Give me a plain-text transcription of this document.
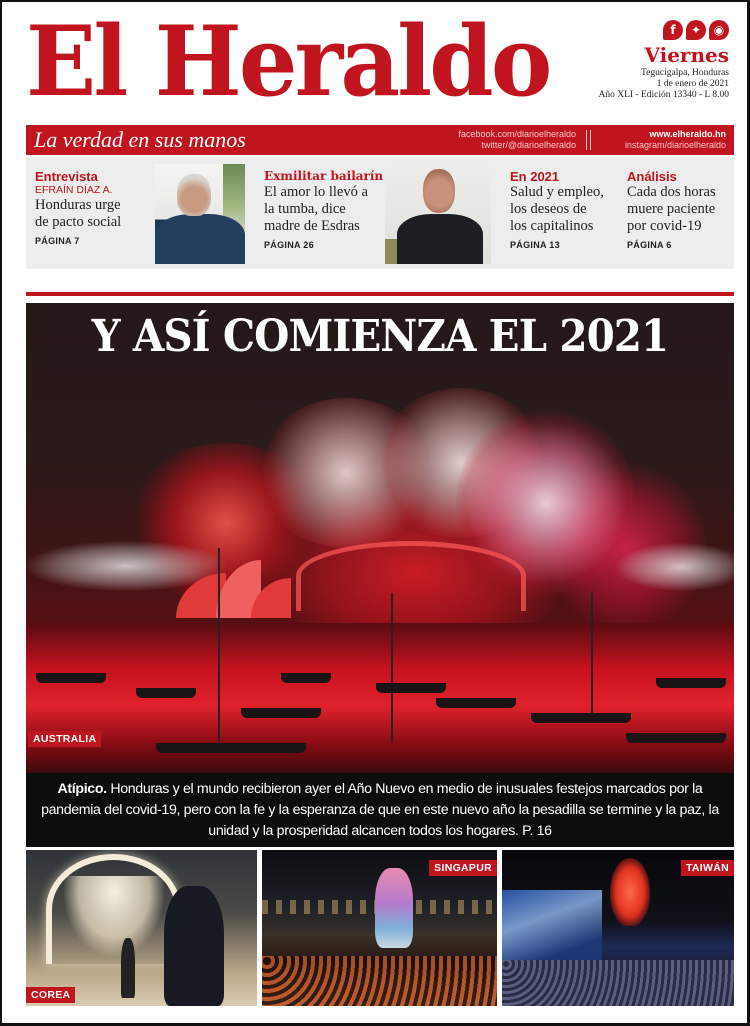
El Heraldo	f	✦	◉
Viernes
Tegucigalpa, Honduras
1 de enero de 2021
Año XLI - Edición 13340 - L 8.00
La verdad en sus manos	facebook.com/diarioelheraldo
twitter/@diarioelheraldo
www.elheraldo.hn
instagram/diarioelheraldo
Entrevista
EFRAÍN DÍAZ A.
Honduras urge
de pacto social
PÁGINA 7
Exmilitar bailarín
El amor lo llevó a
la tumba, dice
madre de Esdras
PÁGINA 26
En 2021
Salud y empleo,
los deseos de
los capitalinos
PÁGINA 13
Análisis
Cada dos horas
muere paciente
por covid-19
PÁGINA 6
Y ASÍ COMIENZA EL 2021
AUSTRALIA
Atípico. Honduras y el mundo recibieron ayer el Año Nuevo en medio de inusuales festejos marcados por la pandemia del covid-19, pero con la fe y la esperanza de que en este nuevo año la pesadilla se termine y la paz, la unidad y la prosperidad alcancen todos los hogares. P. 16
COREA
SINGAPUR	TAIWÁN
